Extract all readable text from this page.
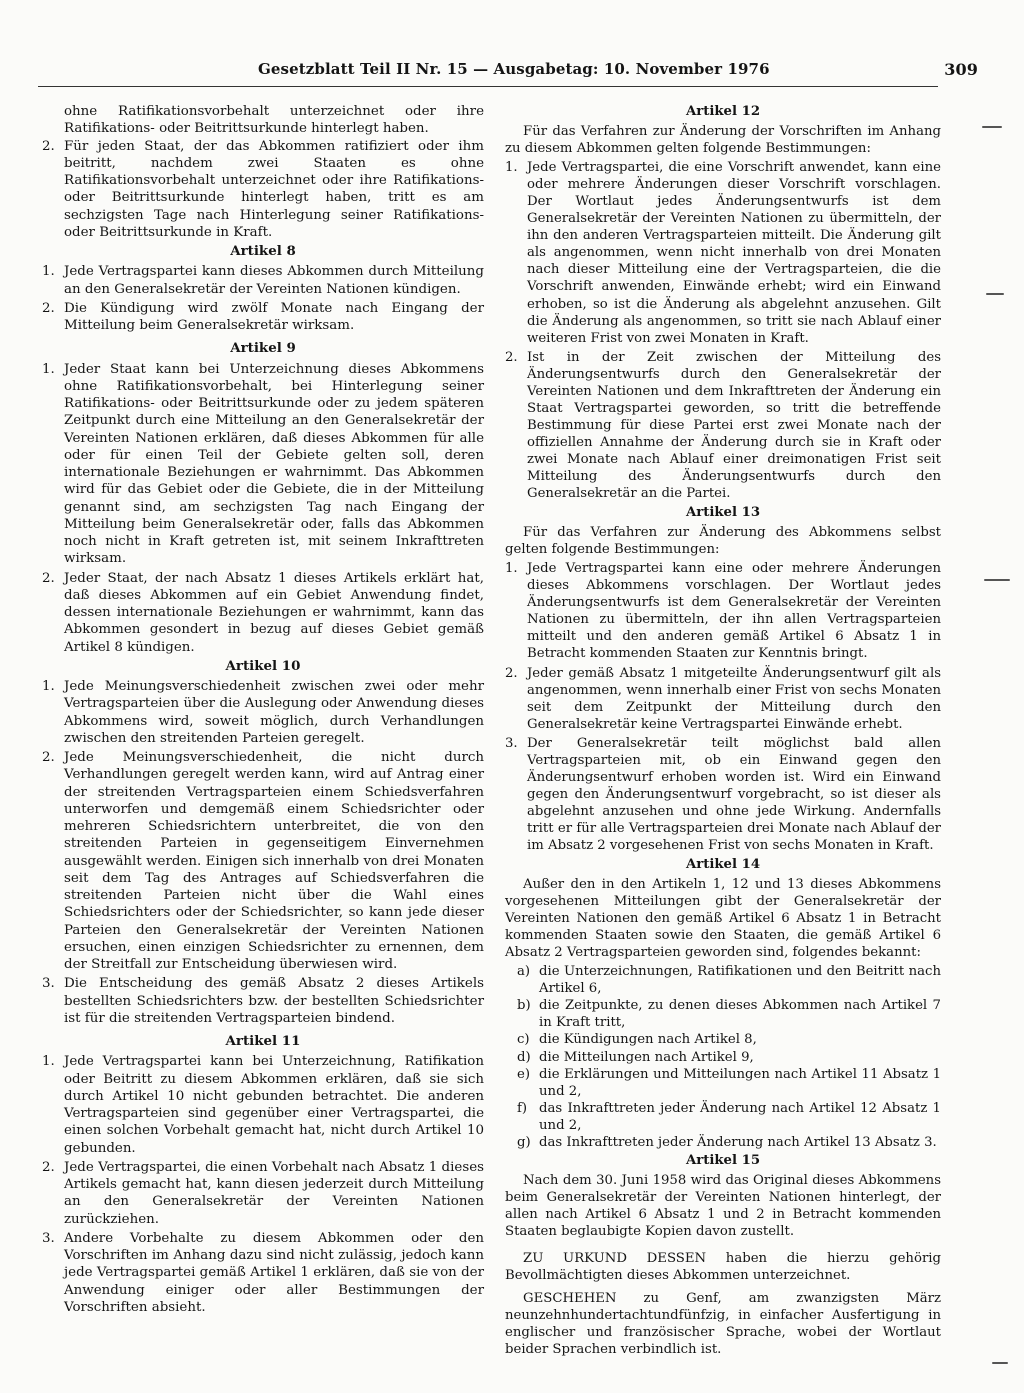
Gesetzblatt Teil II Nr. 15 — Ausgabetag: 10. November 1976	309

ohne Ratifikationsvorbehalt unterzeichnet oder ihre Ratifikations- oder Beitrittsurkunde hinterlegt haben.

2. Für jeden Staat, der das Abkommen ratifiziert oder ihm beitritt, nachdem zwei Staaten es ohne Ratifikationsvorbehalt unterzeichnet oder ihre Ratifikations- oder Beitrittsurkunde hinterlegt haben, tritt es am sechzigsten Tage nach Hinterlegung seiner Ratifikations- oder Beitrittsurkunde in Kraft.

Artikel 8

1. Jede Vertragspartei kann dieses Abkommen durch Mitteilung an den Generalsekretär der Vereinten Nationen kündigen.
2. Die Kündigung wird zwölf Monate nach Eingang der Mitteilung beim Generalsekretär wirksam.

Artikel 9

1. Jeder Staat kann bei Unterzeichnung dieses Abkommens ohne Ratifikationsvorbehalt, bei Hinterlegung seiner Ratifikations- oder Beitrittsurkunde oder zu jedem späteren Zeitpunkt durch eine Mitteilung an den Generalsekretär der Vereinten Nationen erklären, daß dieses Abkommen für alle oder für einen Teil der Gebiete gelten soll, deren internationale Beziehungen er wahrnimmt. Das Abkommen wird für das Gebiet oder die Gebiete, die in der Mitteilung genannt sind, am sechzigsten Tag nach Eingang der Mitteilung beim Generalsekretär oder, falls das Abkommen noch nicht in Kraft getreten ist, mit seinem Inkrafttreten wirksam.
2. Jeder Staat, der nach Absatz 1 dieses Artikels erklärt hat, daß dieses Abkommen auf ein Gebiet Anwendung findet, dessen internationale Beziehungen er wahrnimmt, kann das Abkommen gesondert in bezug auf dieses Gebiet gemäß Artikel 8 kündigen.

Artikel 10

1. Jede Meinungsverschiedenheit zwischen zwei oder mehr Vertragsparteien über die Auslegung oder Anwendung dieses Abkommens wird, soweit möglich, durch Verhandlungen zwischen den streitenden Parteien geregelt.
2. Jede Meinungsverschiedenheit, die nicht durch Verhandlungen geregelt werden kann, wird auf Antrag einer der streitenden Vertragsparteien einem Schiedsverfahren unterworfen und demgemäß einem Schiedsrichter oder mehreren Schiedsrichtern unterbreitet, die von den streitenden Parteien in gegenseitigem Einvernehmen ausgewählt werden. Einigen sich innerhalb von drei Monaten seit dem Tag des Antrages auf Schiedsverfahren die streitenden Parteien nicht über die Wahl eines Schiedsrichters oder der Schiedsrichter, so kann jede dieser Parteien den Generalsekretär der Vereinten Nationen ersuchen, einen einzigen Schiedsrichter zu ernennen, dem der Streitfall zur Entscheidung überwiesen wird.
3. Die Entscheidung des gemäß Absatz 2 dieses Artikels bestellten Schiedsrichters bzw. der bestellten Schiedsrichter ist für die streitenden Vertragsparteien bindend.

Artikel 11

1. Jede Vertragspartei kann bei Unterzeichnung, Ratifikation oder Beitritt zu diesem Abkommen erklären, daß sie sich durch Artikel 10 nicht gebunden betrachtet. Die anderen Vertragsparteien sind gegenüber einer Vertragspartei, die einen solchen Vorbehalt gemacht hat, nicht durch Artikel 10 gebunden.
2. Jede Vertragspartei, die einen Vorbehalt nach Absatz 1 dieses Artikels gemacht hat, kann diesen jederzeit durch Mitteilung an den Generalsekretär der Vereinten Nationen zurückziehen.
3. Andere Vorbehalte zu diesem Abkommen oder den Vorschriften im Anhang dazu sind nicht zulässig, jedoch kann jede Vertragspartei gemäß Artikel 1 erklären, daß sie von der Anwendung einiger oder aller Bestimmungen der Vorschriften absieht.

Artikel 12

Für das Verfahren zur Änderung der Vorschriften im Anhang zu diesem Abkommen gelten folgende Bestimmungen:

1. Jede Vertragspartei, die eine Vorschrift anwendet, kann eine oder mehrere Änderungen dieser Vorschrift vorschlagen. Der Wortlaut jedes Änderungsentwurfs ist dem Generalsekretär der Vereinten Nationen zu übermitteln, der ihn den anderen Vertragsparteien mitteilt. Die Änderung gilt als angenommen, wenn nicht innerhalb von drei Monaten nach dieser Mitteilung eine der Vertragsparteien, die die Vorschrift anwenden, Einwände erhebt; wird ein Einwand erhoben, so ist die Änderung als abgelehnt anzusehen. Gilt die Änderung als angenommen, so tritt sie nach Ablauf einer weiteren Frist von zwei Monaten in Kraft.
2. Ist in der Zeit zwischen der Mitteilung des Änderungsentwurfs durch den Generalsekretär der Vereinten Nationen und dem Inkrafttreten der Änderung ein Staat Vertragspartei geworden, so tritt die betreffende Bestimmung für diese Partei erst zwei Monate nach der offiziellen Annahme der Änderung durch sie in Kraft oder zwei Monate nach Ablauf einer dreimonatigen Frist seit Mitteilung des Änderungsentwurfs durch den Generalsekretär an die Partei.

Artikel 13

Für das Verfahren zur Änderung des Abkommens selbst gelten folgende Bestimmungen:

1. Jede Vertragspartei kann eine oder mehrere Änderungen dieses Abkommens vorschlagen. Der Wortlaut jedes Änderungsentwurfs ist dem Generalsekretär der Vereinten Nationen zu übermitteln, der ihn allen Vertragsparteien mitteilt und den anderen gemäß Artikel 6 Absatz 1 in Betracht kommenden Staaten zur Kenntnis bringt.
2. Jeder gemäß Absatz 1 mitgeteilte Änderungsentwurf gilt als angenommen, wenn innerhalb einer Frist von sechs Monaten seit dem Zeitpunkt der Mitteilung durch den Generalsekretär keine Vertragspartei Einwände erhebt.
3. Der Generalsekretär teilt möglichst bald allen Vertragsparteien mit, ob ein Einwand gegen den Änderungsentwurf erhoben worden ist. Wird ein Einwand gegen den Änderungsentwurf vorgebracht, so ist dieser als abgelehnt anzusehen und ohne jede Wirkung. Andernfalls tritt er für alle Vertragsparteien drei Monate nach Ablauf der im Absatz 2 vorgesehenen Frist von sechs Monaten in Kraft.

Artikel 14

Außer den in den Artikeln 1, 12 und 13 dieses Abkommens vorgesehenen Mitteilungen gibt der Generalsekretär der Vereinten Nationen den gemäß Artikel 6 Absatz 1 in Betracht kommenden Staaten sowie den Staaten, die gemäß Artikel 6 Absatz 2 Vertragsparteien geworden sind, folgendes bekannt:

a) die Unterzeichnungen, Ratifikationen und den Beitritt nach Artikel 6,
b) die Zeitpunkte, zu denen dieses Abkommen nach Artikel 7 in Kraft tritt,
c) die Kündigungen nach Artikel 8,
d) die Mitteilungen nach Artikel 9,
e) die Erklärungen und Mitteilungen nach Artikel 11 Absatz 1 und 2,
f) das Inkrafttreten jeder Änderung nach Artikel 12 Absatz 1 und 2,
g) das Inkrafttreten jeder Änderung nach Artikel 13 Absatz 3.

Artikel 15

Nach dem 30. Juni 1958 wird das Original dieses Abkommens beim Generalsekretär der Vereinten Nationen hinterlegt, der allen nach Artikel 6 Absatz 1 und 2 in Betracht kommenden Staaten beglaubigte Kopien davon zustellt.

ZU URKUND DESSEN haben die hierzu gehörig Bevollmächtigten dieses Abkommen unterzeichnet.

GESCHEHEN zu Genf, am zwanzigsten März neunzehnhundertachtundfünfzig, in einfacher Ausfertigung in englischer und französischer Sprache, wobei der Wortlaut beider Sprachen verbindlich ist.
